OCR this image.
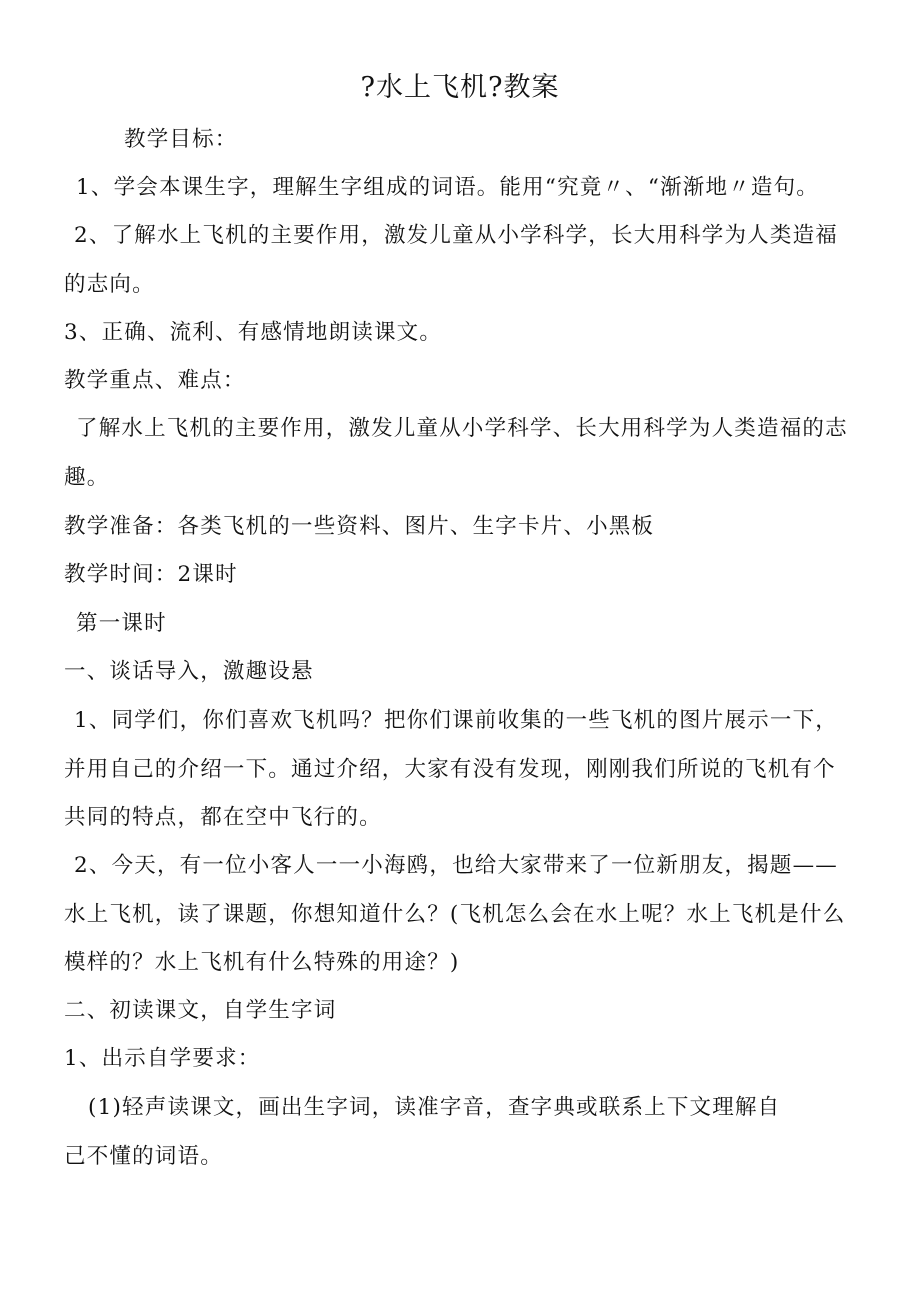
?水上飞机?教案

教学目标：

1、学会本课生字，理解生字组成的词语。能用“究竟〃、“渐渐地〃造句。

2、了解水上飞机的主要作用，激发儿童从小学科学，长大用科学为人类造福
的志向。

3、正确、流利、有感情地朗读课文。

教学重点、难点：

了解水上飞机的主要作用，激发儿童从小学科学、长大用科学为人类造福的志
趣。

教学准备：各类飞机的一些资料、图片、生字卡片、小黑板

教学时间：2课时

第一课时

一、谈话导入，激趣设悬

1、同学们，你们喜欢飞机吗？把你们课前收集的一些飞机的图片展示一下，
并用自己的介绍一下。通过介绍，大家有没有发现，刚刚我们所说的飞机有个
共同的特点，都在空中飞行的。
2、今天，有一位小客人一一小海鸥，也给大家带来了一位新朋友，揭题——
水上飞机，读了课题，你想知道什么？(飞机怎么会在水上呢？水上飞机是什么
模样的？水上飞机有什么特殊的用途？)

二、初读课文，自学生字词

1、出示自学要求：

(1)轻声读课文，画出生字词，读准字音，查字典或联系上下文理解自
己不懂的词语。
